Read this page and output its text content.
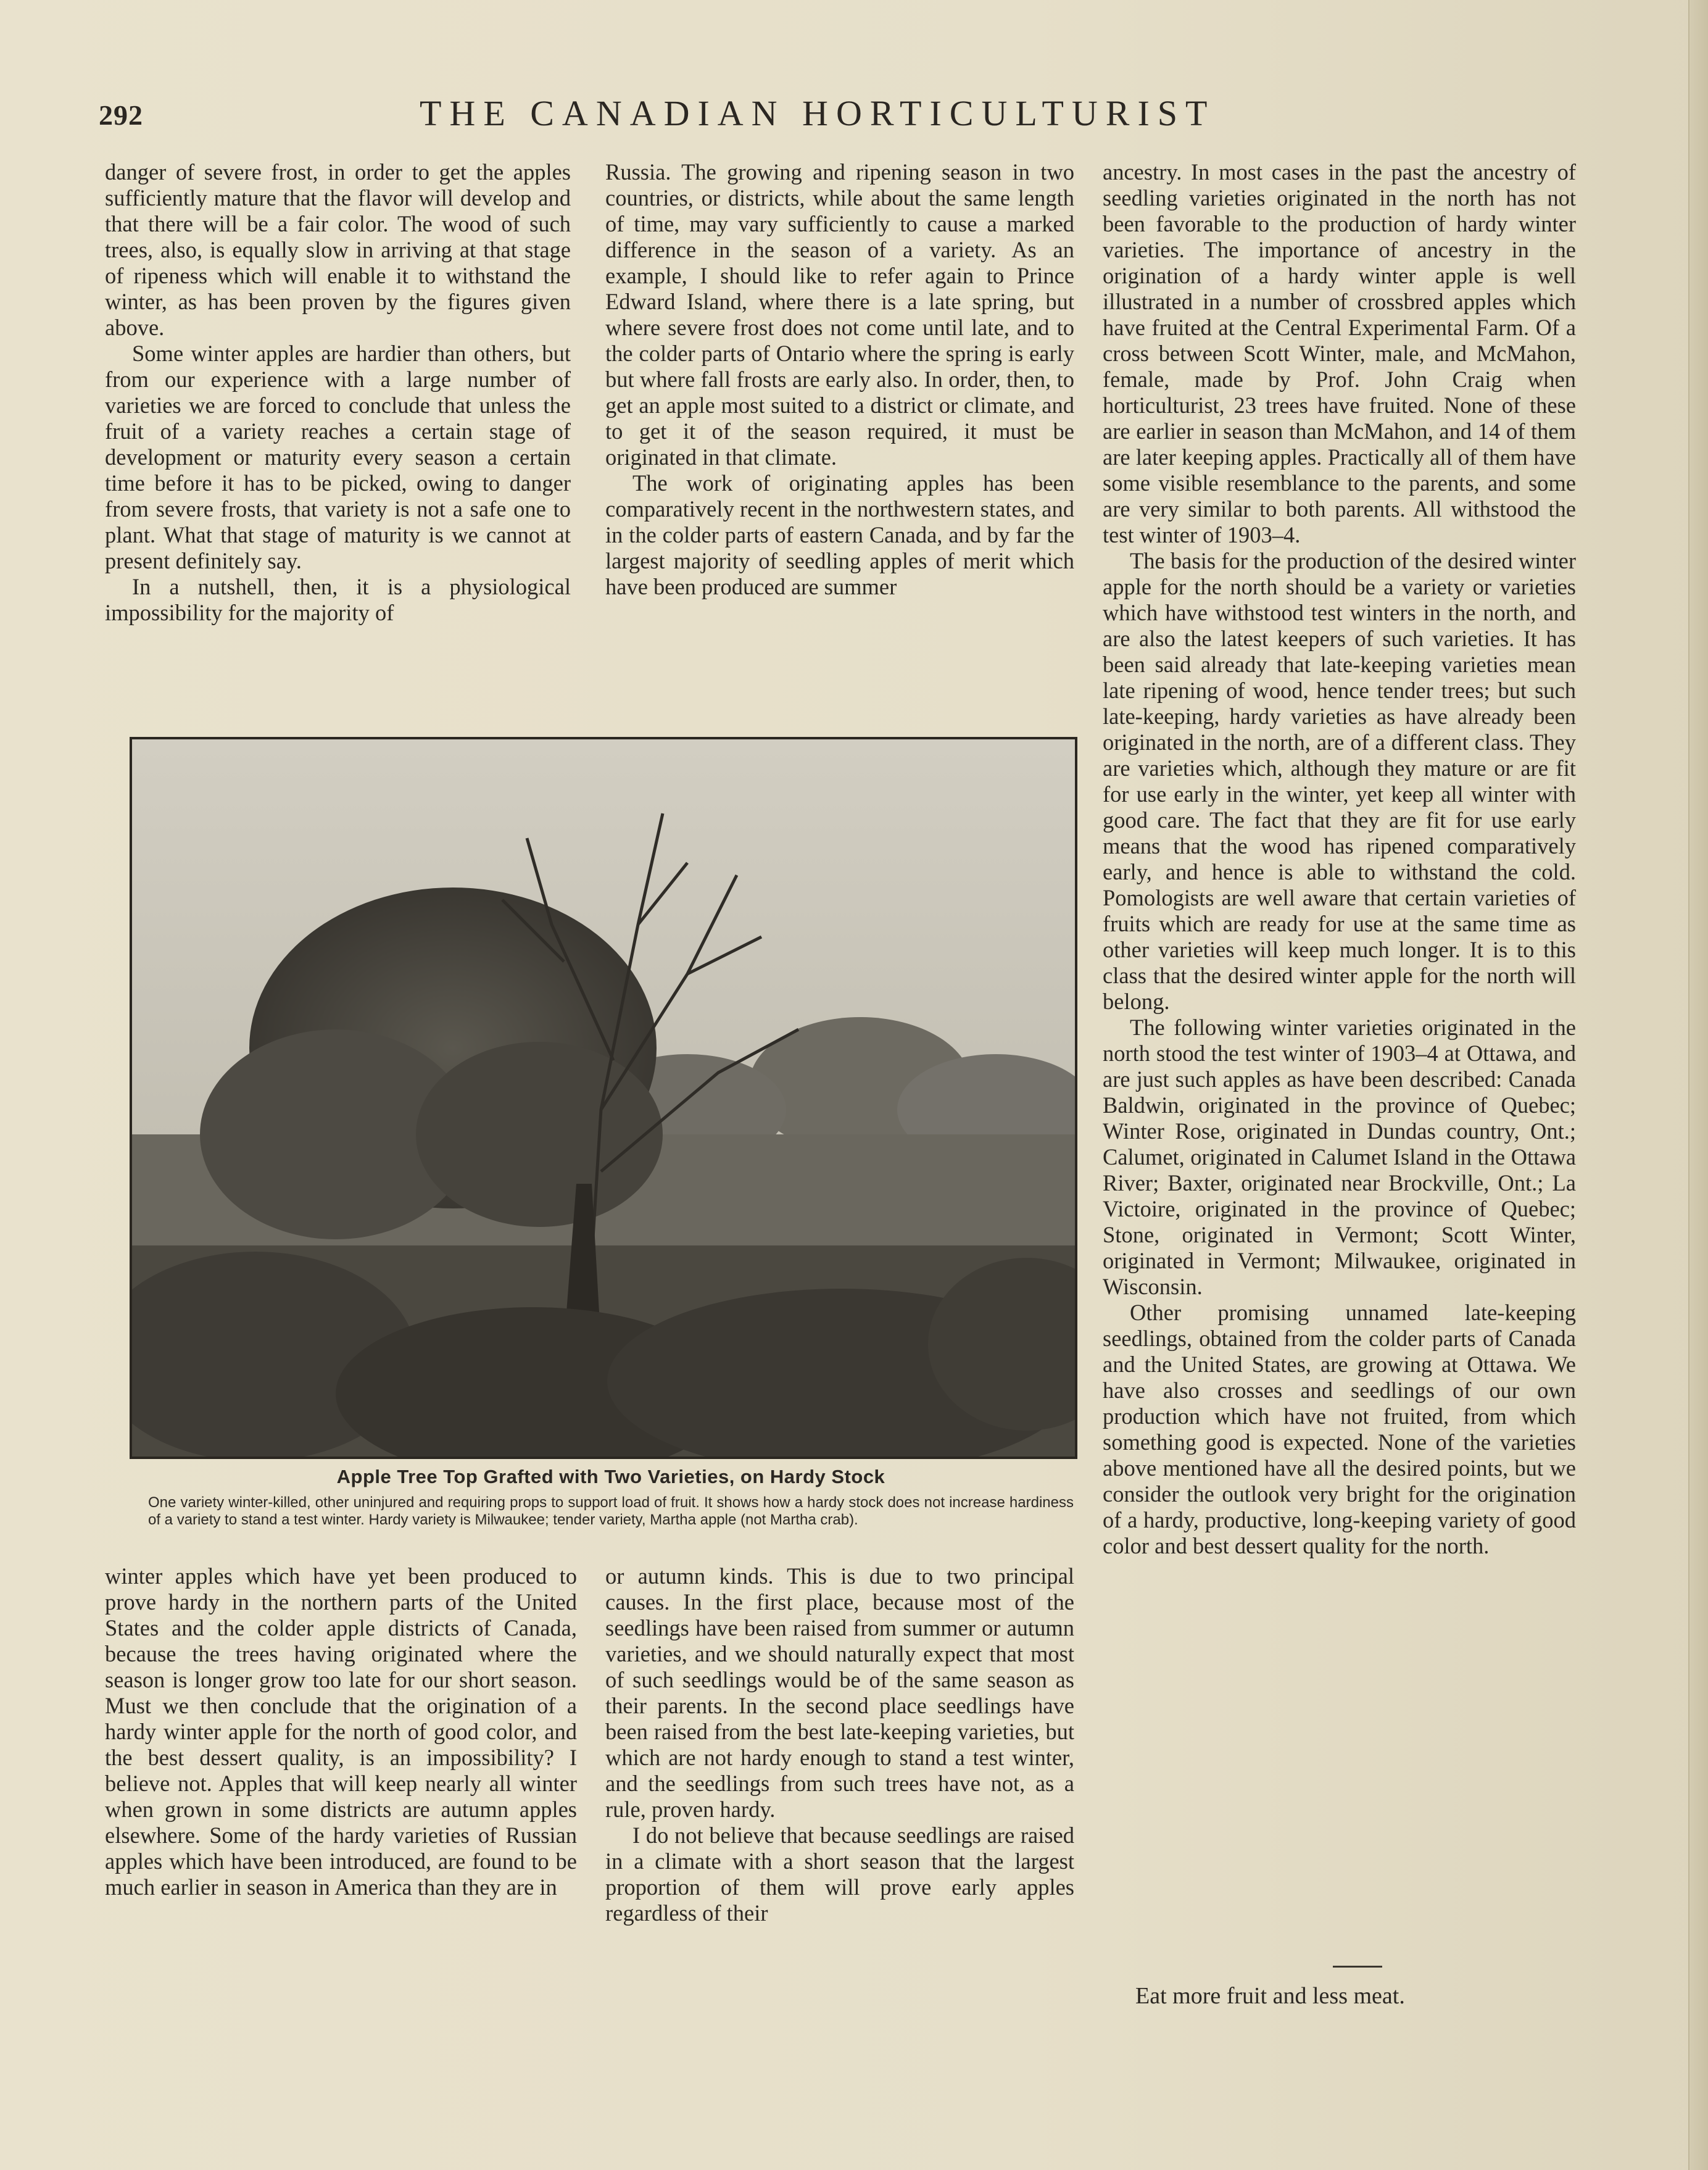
292	THE CANADIAN HORTICULTURIST

danger of severe frost, in order to get the apples sufficiently mature that the flavor will develop and that there will be a fair color. The wood of such trees, also, is equally slow in arriving at that stage of ripeness which will enable it to withstand the winter, as has been proven by the figures given above.

Some winter apples are hardier than others, but from our experience with a large number of varieties we are forced to conclude that unless the fruit of a variety reaches a certain stage of development or maturity every season a certain time before it has to be picked, owing to danger from severe frosts, that variety is not a safe one to plant. What that stage of maturity is we cannot at present definitely say.

In a nutshell, then, it is a physiological impossibility for the majority of

Russia. The growing and ripening season in two countries, or districts, while about the same length of time, may vary sufficiently to cause a marked difference in the season of a variety. As an example, I should like to refer again to Prince Edward Island, where there is a late spring, but where severe frost does not come until late, and to the colder parts of Ontario where the spring is early but where fall frosts are early also. In order, then, to get an apple most suited to a district or climate, and to get it of the season required, it must be originated in that climate.

The work of originating apples has been comparatively recent in the northwestern states, and in the colder parts of eastern Canada, and by far the largest majority of seedling apples of merit which have been produced are summer

ancestry. In most cases in the past the ancestry of seedling varieties originated in the north has not been favorable to the production of hardy winter varieties. The importance of ancestry in the origination of a hardy winter apple is well illustrated in a number of crossbred apples which have fruited at the Central Experimental Farm. Of a cross between Scott Winter, male, and McMahon, female, made by Prof. John Craig when horticulturist, 23 trees have fruited. None of these are earlier in season than McMahon, and 14 of them are later keeping apples. Practically all of them have some visible resemblance to the parents, and some are very similar to both parents. All withstood the test winter of 1903–4.

The basis for the production of the desired winter apple for the north should be a variety or varieties which have withstood test winters in the north, and are also the latest keepers of such varieties. It has been said already that late-keeping varieties mean late ripening of wood, hence tender trees; but such late-keeping, hardy varieties as have already been originated in the north, are of a different class. They are varieties which, although they mature or are fit for use early in the winter, yet keep all winter with good care. The fact that they are fit for use early means that the wood has ripened comparatively early, and hence is able to withstand the cold. Pomologists are well aware that certain varieties of fruits which are ready for use at the same time as other varieties will keep much longer. It is to this class that the desired winter apple for the north will belong.

The following winter varieties originated in the north stood the test winter of 1903–4 at Ottawa, and are just such apples as have been described: Canada Baldwin, originated in the province of Quebec; Winter Rose, originated in Dundas country, Ont.; Calumet, originated in Calumet Island in the Ottawa River; Baxter, originated near Brockville, Ont.; La Victoire, originated in the province of Quebec; Stone, originated in Vermont; Scott Winter, originated in Vermont; Milwaukee, originated in Wisconsin.

Other promising unnamed late-keeping seedlings, obtained from the colder parts of Canada and the United States, are growing at Ottawa. We have also crosses and seedlings of our own production which have not fruited, from which something good is expected. None of the varieties above mentioned have all the desired points, but we consider the outlook very bright for the origination of a hardy, productive, long-keeping variety of good color and best dessert quality for the north.

Apple Tree Top Grafted with Two Varieties, on Hardy Stock

One variety winter-killed, other uninjured and requiring props to support load of fruit. It shows how a hardy stock does not increase hardiness of a variety to stand a test winter. Hardy variety is Milwaukee; tender variety, Martha apple (not Martha crab).

winter apples which have yet been produced to prove hardy in the northern parts of the United States and the colder apple districts of Canada, because the trees having originated where the season is longer grow too late for our short season. Must we then conclude that the origination of a hardy winter apple for the north of good color, and the best dessert quality, is an impossibility? I believe not. Apples that will keep nearly all winter when grown in some districts are autumn apples elsewhere. Some of the hardy varieties of Russian apples which have been introduced, are found to be much earlier in season in America than they are in

or autumn kinds. This is due to two principal causes. In the first place, because most of the seedlings have been raised from summer or autumn varieties, and we should naturally expect that most of such seedlings would be of the same season as their parents. In the second place seedlings have been raised from the best late-keeping varieties, but which are not hardy enough to stand a test winter, and the seedlings from such trees have not, as a rule, proven hardy.

I do not believe that because seedlings are raised in a climate with a short season that the largest proportion of them will prove early apples regardless of their

Eat more fruit and less meat.
